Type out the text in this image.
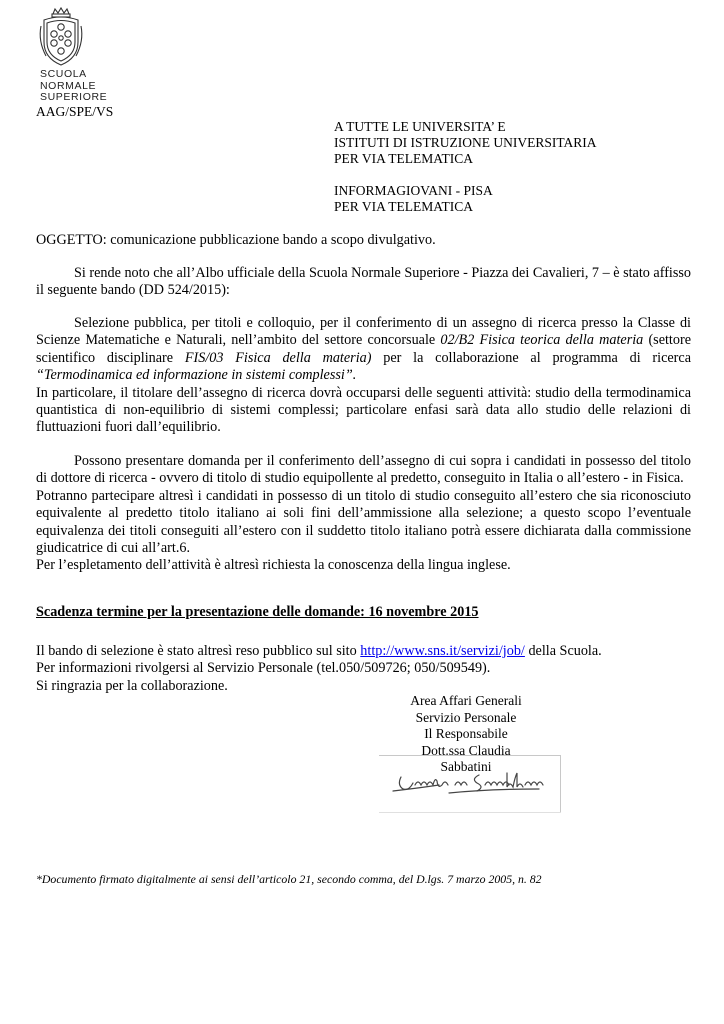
SCUOLA
NORMALE
SUPERIORE
AAG/SPE/VS
A TUTTE LE UNIVERSITA’ E
ISTITUTI DI ISTRUZIONE UNIVERSITARIA
PER VIA TELEMATICA
INFORMAGIOVANI - PISA
PER VIA TELEMATICA
OGGETTO: comunicazione pubblicazione bando a scopo divulgativo.

Si rende noto che all’Albo ufficiale della Scuola Normale Superiore - Piazza dei Cavalieri, 7 – è stato affisso il seguente bando (DD 524/2015):

Selezione pubblica, per titoli e colloquio, per il conferimento di un assegno di ricerca presso la Classe di Scienze Matematiche e Naturali, nell’ambito del settore concorsuale 02/B2 Fisica teorica della materia (settore scientifico disciplinare FIS/03 Fisica della materia) per la collaborazione al programma di ricerca “Termodinamica ed informazione in sistemi complessi”.

In particolare, il titolare dell’assegno di ricerca dovrà occuparsi delle seguenti attività: studio della termodinamica quantistica di non-equilibrio di sistemi complessi; particolare enfasi sarà data allo studio delle relazioni di fluttuazioni fuori dall’equilibrio.

Possono presentare domanda per il conferimento dell’assegno di cui sopra i candidati in possesso del titolo di dottore di ricerca - ovvero di titolo di studio equipollente al predetto, conseguito in Italia o all’estero - in Fisica.

Potranno partecipare altresì i candidati in possesso di un titolo di studio conseguito all’estero che sia riconosciuto equivalente al predetto titolo italiano ai soli fini dell’ammissione alla selezione; a questo scopo l’eventuale equivalenza dei titoli conseguiti all’estero con il suddetto titolo italiano potrà essere dichiarata dalla commissione giudicatrice di cui all’art.6.

Per l’espletamento dell’attività è altresì richiesta la conoscenza della lingua inglese.

Scadenza termine per la presentazione delle domande: 16 novembre 2015
Il bando di selezione è stato altresì reso pubblico sul sito http://www.sns.it/servizi/job/ della Scuola.
Per informazioni rivolgersi al Servizio Personale (tel.050/509726; 050/509549).
Si ringrazia per la collaborazione.
Area Affari Generali
Servizio Personale
Il Responsabile
Dott.ssa Claudia Sabbatini
*Documento firmato digitalmente ai sensi dell’articolo 21, secondo comma, del D.lgs. 7 marzo 2005, n. 82
